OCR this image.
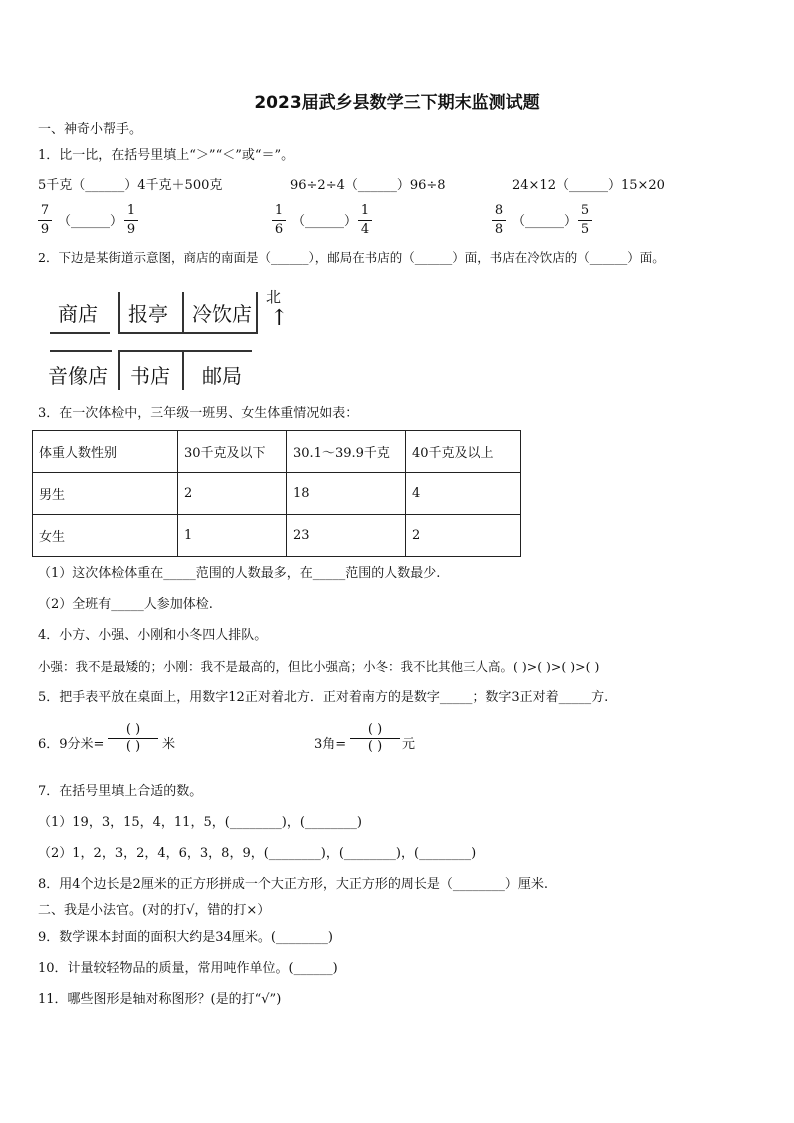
2023届武乡县数学三下期末监测试题
一、神奇小帮手。
1．比一比，在括号里填上“＞”“＜”或“＝”。
5千克（______）4千克＋500克	96÷2÷4（______）96÷8	24×12（______）15×20
7
9
（______）
1
9
1
6
（______）
1
4
8
8
（______）
5
5
2．下边是某街道示意图，商店的南面是（______），邮局在书店的（______）面，书店在冷饮店的（______）面。
商店 报亭 冷饮店
音像店 书店 邮局
北
↑
3．在一次体检中，三年级一班男、女生体重情况如表：
体重人数性别	30千克及以下	30.1～39.9千克	40千克及以上
男生	2	18	4
女生	1	23	2
（1）这次体检体重在_____范围的人数最多，在_____范围的人数最少.
（2）全班有_____人参加体检.
4．小方、小强、小刚和小冬四人排队。
小强：我不是最矮的；小刚：我不是最高的，但比小强高；小冬：我不比其他三人高。( )>( )>( )>( )
5．把手表平放在桌面上，用数字12正对着北方．正对着南方的是数字_____；数字3正对着_____方.
6．9分米=
( )
( )	米	3角=
( )
( )	元
7．在括号里填上合适的数。
（1）19，3，15，4，11，5，(________)，(________)
（2）1，2，3，2，4，6，3，8，9，(________)，(________)，(________)
8．用4个边长是2厘米的正方形拼成一个大正方形，大正方形的周长是（________）厘米.
二、我是小法官。(对的打√，错的打×）
9．数学课本封面的面积大约是34厘米。(________)
10．计量较轻物品的质量，常用吨作单位。(______)
11．哪些图形是轴对称图形？(是的打“√”)
